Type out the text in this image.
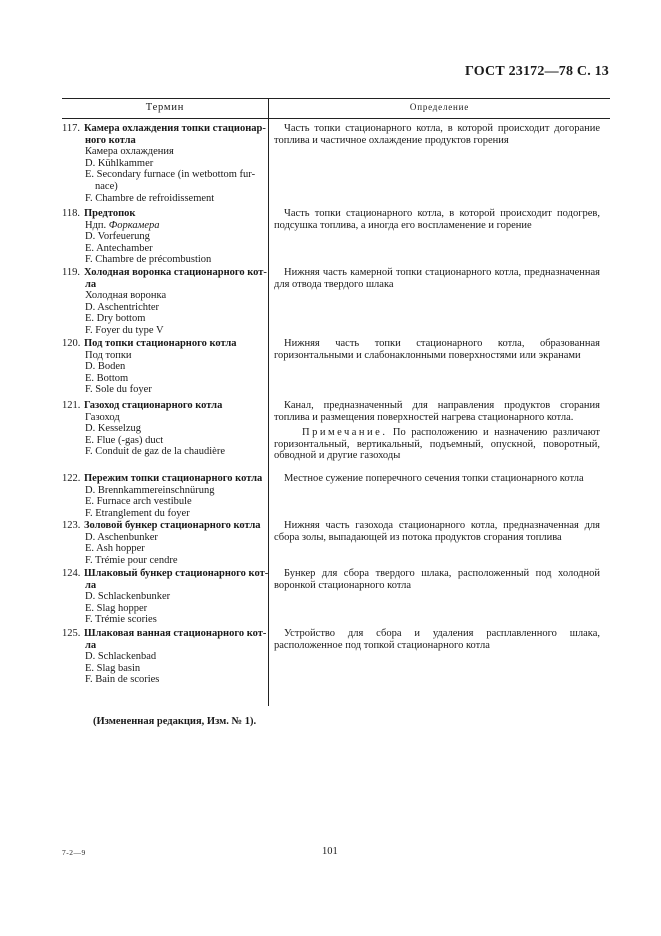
ГОСТ 23172—78 С. 13
Термин	Определение
117. Камера охлаждения топки стационар-
ного котла
Камера охлаждения
D. Kühlkammer
E. Secondary furnace (in wetbottom fur-
nace)
F. Chambre de refroidissement

Часть топки стационарного котла, в которой происходит догорание топлива и частичное охлаждение продуктов горения

118. Предтопок
Ндп. Форкамера
D. Vorfeuerung
E. Antechamber
F. Chambre de précombustion

Часть топки стационарного котла, в которой происходит подогрев, подсушка топлива, а иногда его воспламенение и горение

119. Холодная воронка стационарного кот-
ла
Холодная воронка
D. Aschentrichter
E. Dry bottom
F. Foyer du type V

Нижняя часть камерной топки стационарного котла, предназначенная для отвода твердого шлака

120. Под топки стационарного котла
Под топки
D. Boden
E. Bottom
F. Sole du foyer

Нижняя часть топки стационарного котла, образованная горизонтальными и слабонаклонными поверхностями или экранами

121. Газоход стационарного котла
Газоход
D. Kesselzug
E. Flue (-gas) duct
F. Conduit de gaz de la chaudière

Канал, предназначенный для направления продуктов сгорания топлива и размещения поверхностей нагрева стационарного котла.

Примечание. По расположению и назначению различают горизонтальный, вертикальный, подъемный, опускной, поворотный, обводной и другие газоходы

122. Пережим топки стационарного котла
D. Brennkammereinschnürung
E. Furnace arch vestibule
F. Etranglement du foyer

Местное сужение поперечного сечения топки стационарного котла

123. Золовой бункер стационарного котла
D. Aschenbunker
E. Ash hopper
F. Trémie pour cendre

Нижняя часть газохода стационарного котла, предназначенная для сбора золы, выпадающей из потока продуктов сгорания топлива

124. Шлаковый бункер стационарного кот-
ла
D. Schlackenbunker
E. Slag hopper
F. Trémie scories

Бункер для сбора твердого шлака, расположенный под холодной воронкой стационарного котла

125. Шлаковая ванная стационарного кот-
ла
D. Schlackenbad
E. Slag basin
F. Bain de scories

Устройство для сбора и удаления расплавленного шлака, расположенное под топкой стационарного котла

(Измененная редакция, Изм. № 1).
7-2—9	101
